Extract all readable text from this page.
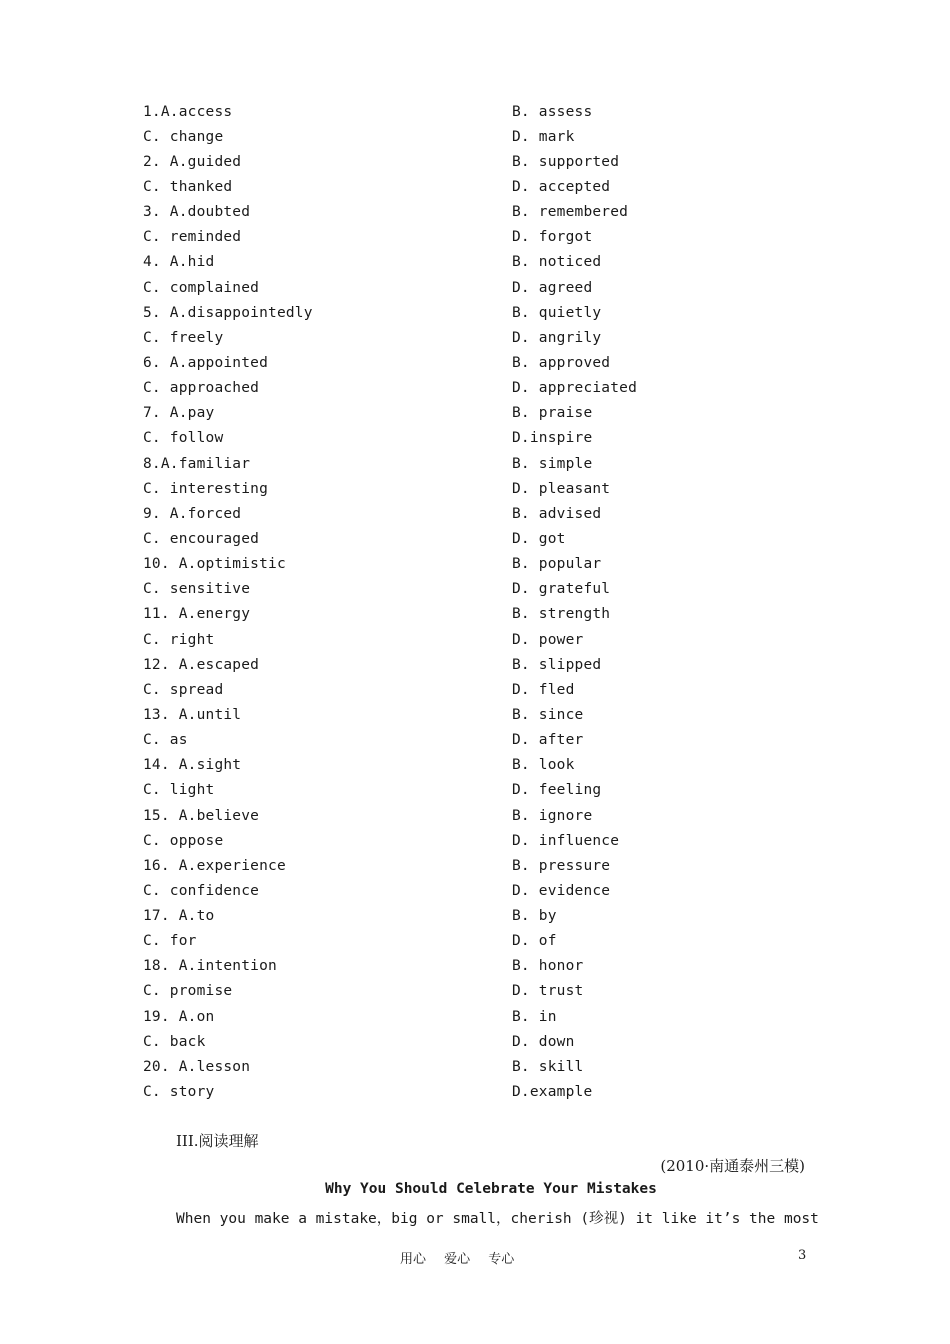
1.A.access	B. assess
C. change	D. mark
2. A.guided	B. supported
C. thanked	D. accepted
3. A.doubted	B. remembered
C. reminded	D. forgot
4. A.hid	B. noticed
C. complained	D. agreed
5. A.disappointedly	B. quietly
C. freely	D. angrily
6. A.appointed	B. approved
C. approached	D. appreciated
7. A.pay	B. praise
C. follow	D.inspire
8.A.familiar	B. simple
C. interesting	D. pleasant
9. A.forced	B. advised
C. encouraged	D. got
10. A.optimistic	B. popular
C. sensitive	D. grateful
11. A.energy	B. strength
C. right	D. power
12. A.escaped	B. slipped
C. spread	D. fled
13. A.until	B. since
C. as	D. after
14. A.sight	B. look
C. light	D. feeling
15. A.believe	B. ignore
C. oppose	D. influence
16. A.experience	B. pressure
C. confidence	D. evidence
17. A.to	B. by
C. for	D. of
18. A.intention	B. honor
C. promise	D. trust
19. A.on	B. in
C. back	D. down
20. A.lesson	B. skill
C. story	D.example
III.阅读理解
(2010·南通泰州三模)
Why You Should Celebrate Your Mistakes
When you make a mistake，big or small，cherish (珍视) it like it’s the most
用心 爱心 专心	3
